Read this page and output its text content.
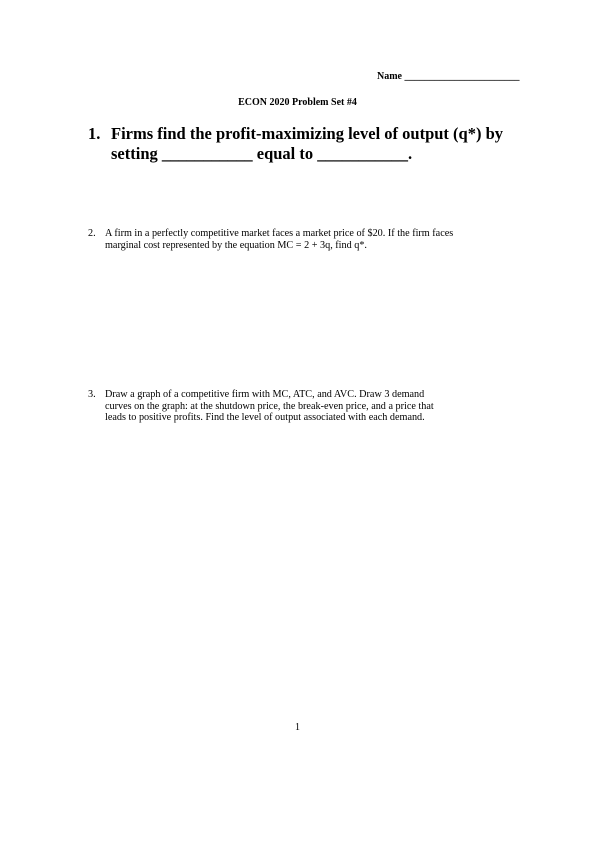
Name _______________________
ECON 2020 Problem Set #4
1. Firms find the profit-maximizing level of output (q*) by
setting ___________ equal to ___________.
2. A firm in a perfectly competitive market faces a market price of $20. If the firm faces
marginal cost represented by the equation MC = 2 + 3q, find q*.
3. Draw a graph of a competitive firm with MC, ATC, and AVC. Draw 3 demand
curves on the graph: at the shutdown price, the break-even price, and a price that
leads to positive profits. Find the level of output associated with each demand.
1
